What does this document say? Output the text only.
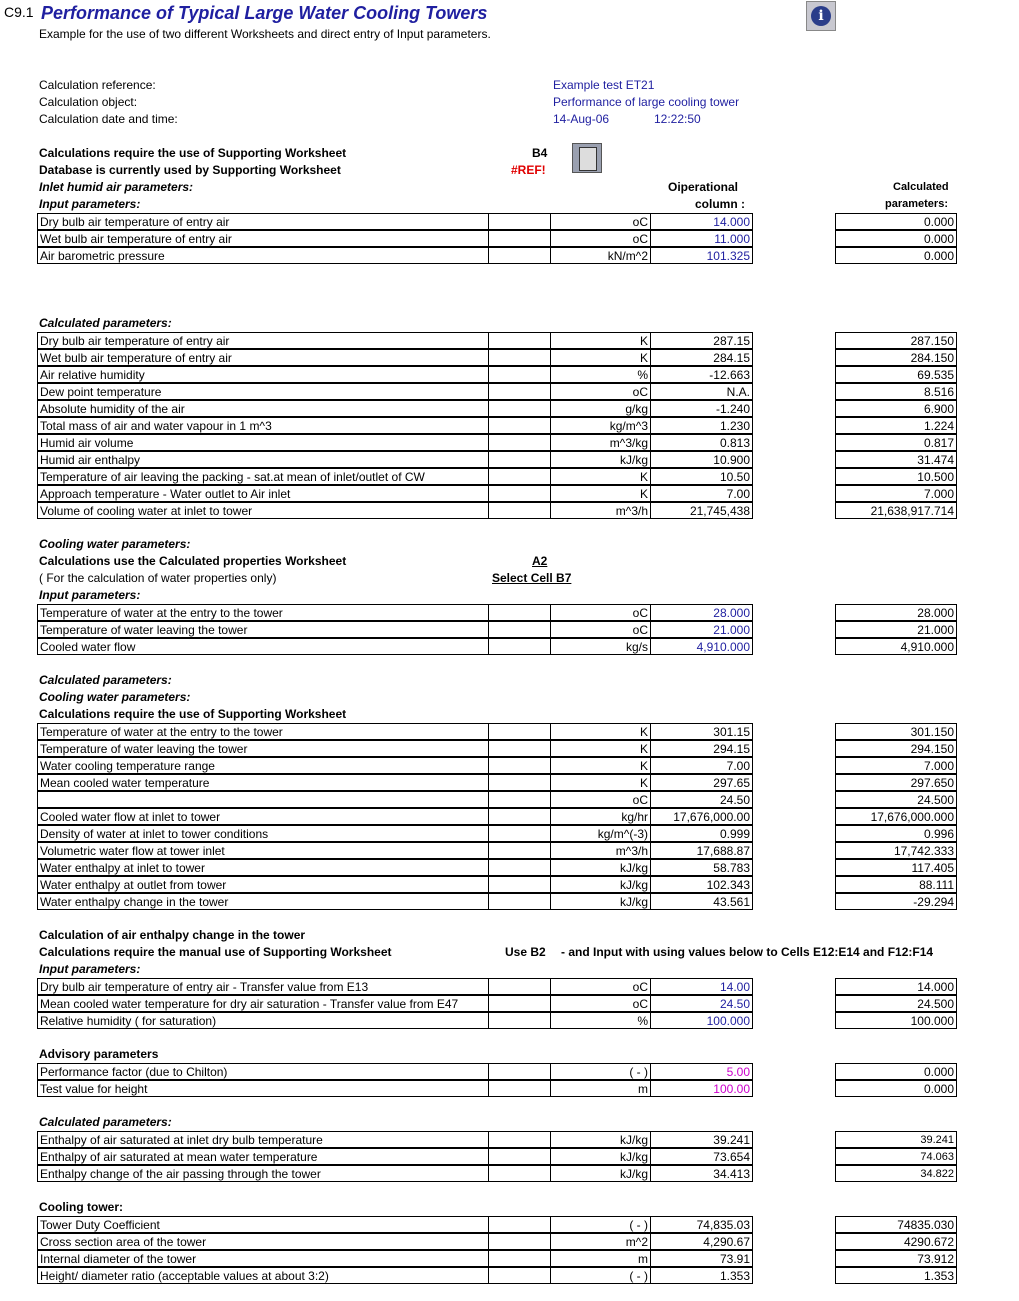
C9.1 Performance of Typical Large Water Cooling Towers
Example for the use of two different Worksheets and direct entry of Input parameters.
i
Calculation reference:	Example test ET21
Calculation object:	Performance of large cooling tower
Calculation date and time:	14-Aug-06	12:22:50
Calculations require the use of Supporting Worksheet	B4
Database is currently used by Supporting Worksheet	#REF!
Inlet humid air parameters:	Oiperational	Calculated
Input parameters:	column :	parameters:
Dry bulb air temperature of entry air	oC	14.000	0.000
Wet bulb air temperature of entry air	oC	11.000	0.000
Air barometric pressure	kN/m^2	101.325	0.000
Calculated parameters:
Dry bulb air temperature of entry air	K	287.15	287.150
Wet bulb air temperature of entry air	K	284.15	284.150
Air relative humidity	%	-12.663	69.535
Dew point temperature	oC	N.A.	8.516
Absolute humidity of the air	g/kg	-1.240	6.900
Total mass of air and water vapour in 1 m^3	kg/m^3	1.230	1.224
Humid air volume	m^3/kg	0.813	0.817
Humid air enthalpy	kJ/kg	10.900	31.474
Temperature of air leaving the packing - sat.at mean of inlet/outlet of CW	K	10.50	10.500
Approach temperature - Water outlet to Air inlet	K	7.00	7.000
Volume of cooling water at inlet to tower	m^3/h	21,745,438	21,638,917.714
Cooling water parameters:
Calculations use the Calculated properties Worksheet	A2
( For the calculation of water properties only)	Select Cell B7
Input parameters:
Temperature of water at the entry to the tower	oC	28.000	28.000
Temperature of water leaving the tower	oC	21.000	21.000
Cooled water flow	kg/s	4,910.000	4,910.000
Calculated parameters:
Cooling water parameters:
Calculations require the use of Supporting Worksheet
Temperature of water at the entry to the tower	K	301.15	301.150
Temperature of water leaving the tower	K	294.15	294.150
Water cooling temperature range	K	7.00	7.000
Mean cooled water temperature	K	297.65	297.650
oC	24.50	24.500
Cooled water flow at inlet to tower	kg/hr	17,676,000.00	17,676,000.000
Density of water at inlet to tower conditions	kg/m^(-3)	0.999	0.996
Volumetric water flow at tower inlet	m^3/h	17,688.87	17,742.333
Water enthalpy at inlet to tower	kJ/kg	58.783	117.405
Water enthalpy at outlet from tower	kJ/kg	102.343	88.111
Water enthalpy change in the tower	kJ/kg	43.561	-29.294
Calculation of air enthalpy change in the tower
Calculations require the manual use of Supporting Worksheet	Use B2 - and Input with using values below to Cells E12:E14 and F12:F14
Input parameters:
Dry bulb air temperature of entry air - Transfer value from E13	oC	14.00	14.000
Mean cooled water temperature for dry air saturation - Transfer value from E47	oC	24.50	24.500
Relative humidity ( for saturation)	%	100.000	100.000
Advisory parameters
Performance factor (due to Chilton)	( - )	5.00	0.000
Test value for height	m	100.00	0.000
Calculated parameters:
Enthalpy of air saturated at inlet dry bulb temperature	kJ/kg	39.241	39.241
Enthalpy of air saturated at mean water temperature	kJ/kg	73.654	74.063
Enthalpy change of the air passing through the tower	kJ/kg	34.413	34.822
Cooling tower:
Tower Duty Coefficient	( - )	74,835.03	74835.030
Cross section area of the tower	m^2	4,290.67	4290.672
Internal diameter of the tower	m	73.91	73.912
Height/ diameter ratio (acceptable values at about 3:2)	( - )	1.353	1.353
